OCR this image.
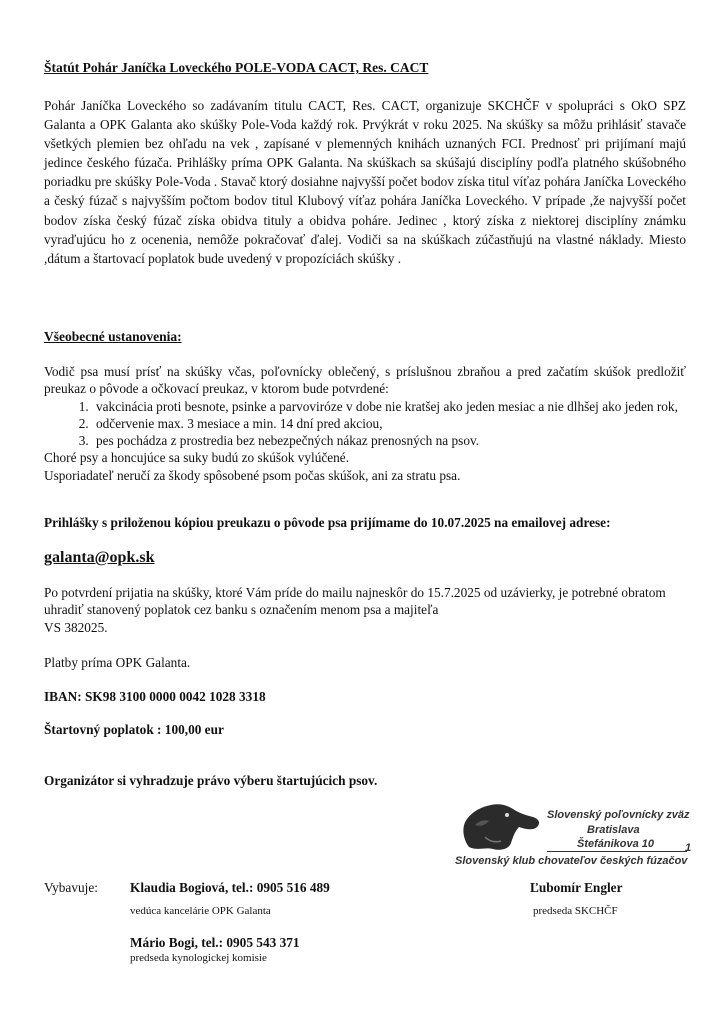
Štatút Pohár Janíčka Loveckého POLE-VODA CACT, Res. CACT
Pohár Janíčka Loveckého so zadávaním titulu CACT, Res. CACT, organizuje SKCHČF v spolupráci s OkO SPZ Galanta a OPK Galanta ako skúšky Pole-Voda každý rok. Prvýkrát v roku 2025. Na skúšky sa môžu prihlásiť stavače všetkých plemien bez ohľadu na vek , zapísané v plemenných knihách uznaných FCI. Prednosť pri prijímaní majú jedince českého fúzača. Prihlášky príma OPK Galanta. Na skúškach sa skúšajú disciplíny podľa platného skúšobného poriadku pre skúšky Pole-Voda . Stavač ktorý dosiahne najvyšší počet bodov získa titul víťaz pohára Janíčka Loveckého a český fúzač s najvyšším počtom bodov titul Klubový víťaz pohára Janíčka Loveckého. V prípade ,že najvyšší počet bodov získa český fúzač získa obidva tituly a obidva poháre. Jedinec , ktorý získa z niektorej disciplíny známku vyraďujúcu ho z ocenenia, nemôže pokračovať ďalej. Vodiči sa na skúškach zúčastňujú na vlastné náklady. Miesto ,dátum a štartovací poplatok bude uvedený v propozíciách skúšky .
Všeobecné ustanovenia:

Vodič psa musí prísť na skúšky včas, poľovnícky oblečený, s príslušnou zbraňou a pred začatím skúšok predložiť preukaz o pôvode a očkovací preukaz, v ktorom bude potvrdené:

1. vakcinácia proti besnote, psinke a parvoviróze v dobe nie kratšej ako jeden mesiac a nie dlhšej ako jeden rok,
2. odčervenie max. 3 mesiace a min. 14 dní pred akciou,
3. pes pochádza z prostredia bez nebezpečných nákaz prenosných na psov.

Choré psy a honcujúce sa suky budú zo skúšok vylúčené.

Usporiadateľ neručí za škody spôsobené psom počas skúšok, ani za stratu psa.

Prihlášky s priloženou kópiou preukazu o pôvode psa prijímame do 10.07.2025 na emailovej adrese:
galanta@opk.sk

Po potvrdení prijatia na skúšky, ktoré Vám príde do mailu najneskôr do 15.7.2025 od uzávierky, je potrebné obratom uhradiť stanovený poplatok cez banku s označením menom psa a majiteľa

VS 382025.

Platby príma OPK Galanta.
IBAN: SK98 3100 0000 0042 1028 3318
Štartovný poplatok : 100,00 eur
Organizátor si vyhradzuje právo výberu štartujúcich psov.
Slovenský poľovnícky zväz
Bratislava
Štefánikova 10	1
Slovenský klub chovateľov českých fúzačov
Vybavuje: Klaudia Bogiová, tel.: 0905 516 489
vedúca kancelárie OPK Galanta
Mário Bogi, tel.: 0905 543 371
predseda kynologickej komisie
Ľubomír Engler
predseda SKCHČF
